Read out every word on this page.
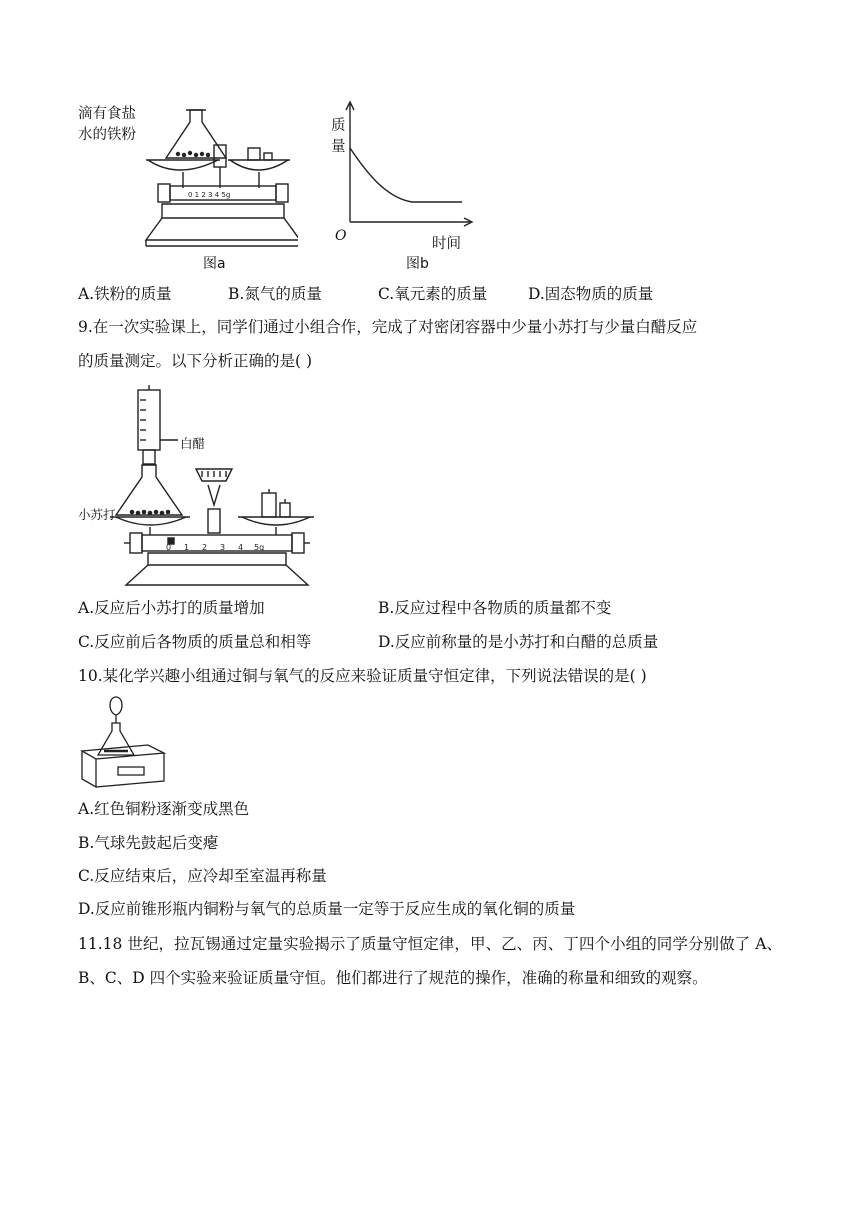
0 1 2 3 4 5g
滴有食盐
水的铁粉
图a
质
量
O	时间
图b
A.铁粉的质量	B.氮气的质量	C.氧元素的质量	D.固态物质的质量
9.在一次实验课上，同学们通过小组合作，完成了对密闭容器中少量小苏打与少量白醋反应
的质量测定。以下分析正确的是( )
0 1 2 3 4 5g
白醋
小苏打
A.反应后小苏打的质量增加	B.反应过程中各物质的质量都不变
C.反应前后各物质的质量总和相等	D.反应前称量的是小苏打和白醋的总质量
10.某化学兴趣小组通过铜与氧气的反应来验证质量守恒定律，下列说法错误的是( )
A.红色铜粉逐渐变成黑色
B.气球先鼓起后变瘪
C.反应结束后，应冷却至室温再称量
D.反应前锥形瓶内铜粉与氧气的总质量一定等于反应生成的氧化铜的质量
11.18 世纪，拉瓦锡通过定量实验揭示了质量守恒定律，甲、乙、丙、丁四个小组的同学分别做了 A、B、C、D 四个实验来验证质量守恒。他们都进行了规范的操作，准确的称量和细致的观察。
